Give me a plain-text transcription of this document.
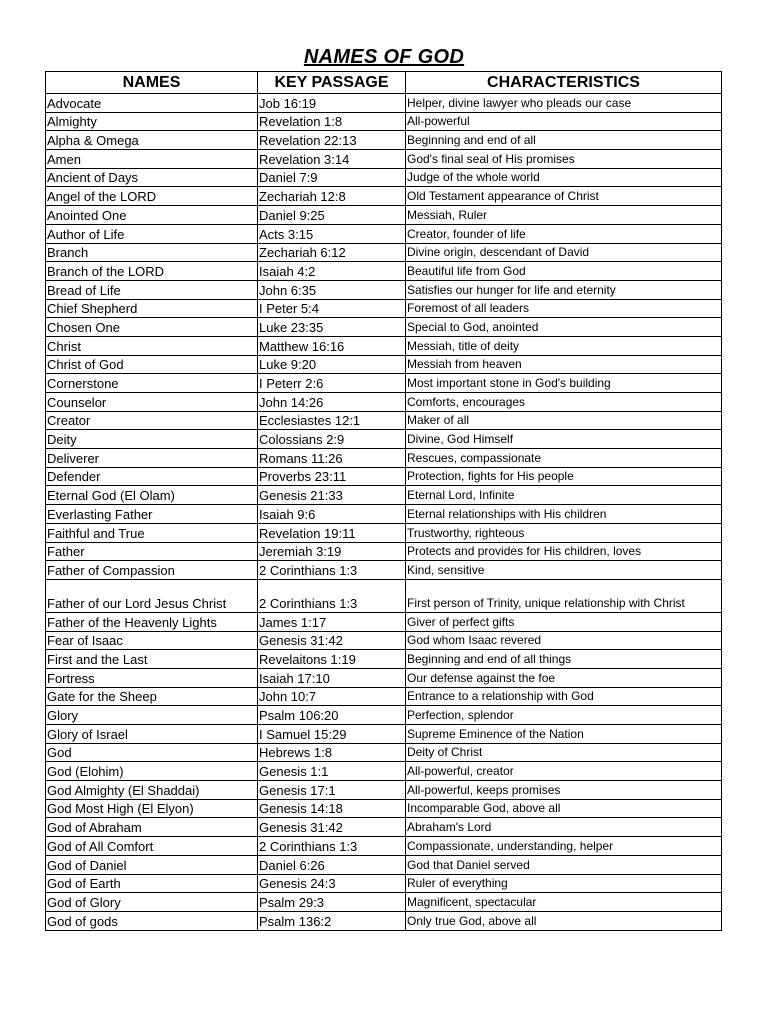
NAMES OF GOD
NAMES	KEY PASSAGE	CHARACTERISTICS
Advocate	Job 16:19	Helper, divine lawyer who pleads our case
Almighty	Revelation 1:8	All-powerful
Alpha & Omega	Revelation 22:13	Beginning and end of all
Amen	Revelation 3:14	God's final seal of His promises
Ancient of Days	Daniel 7:9	Judge of the whole world
Angel of the LORD	Zechariah 12:8	Old Testament appearance of Christ
Anointed One	Daniel 9:25	Messiah, Ruler
Author of Life	Acts 3:15	Creator, founder of life
Branch	Zechariah 6:12	Divine origin, descendant of David
Branch of the LORD	Isaiah 4:2	Beautiful life from God
Bread of Life	John 6:35	Satisfies our hunger for life and eternity
Chief Shepherd	I Peter 5:4	Foremost of all leaders
Chosen One	Luke 23:35	Special to God, anointed
Christ	Matthew 16:16	Messiah, title of deity
Christ of God	Luke 9:20	Messiah from heaven
Cornerstone	I Peterr 2:6	Most important stone in God's building
Counselor	John 14:26	Comforts, encourages
Creator	Ecclesiastes 12:1	Maker of all
Deity	Colossians 2:9	Divine, God Himself
Deliverer	Romans 11:26	Rescues, compassionate
Defender	Proverbs 23:11	Protection, fights for His people
Eternal God (El Olam)	Genesis 21:33	Eternal Lord, Infinite
Everlasting Father	Isaiah 9:6	Eternal relationships with His children
Faithful and True	Revelation 19:11	Trustworthy, righteous
Father	Jeremiah 3:19	Protects and provides for His children, loves
Father of Compassion	2 Corinthians 1:3	Kind, sensitive
Father of our Lord Jesus Christ	2 Corinthians 1:3	First person of Trinity, unique relationship with Christ
Father of the Heavenly Lights	James 1:17	Giver of perfect gifts
Fear of Isaac	Genesis 31:42	God whom Isaac revered
First and the Last	Revelaitons 1:19	Beginning and end of all things
Fortress	Isaiah 17:10	Our defense against the foe
Gate for the Sheep	John 10:7	Entrance to a relationship with God
Glory	Psalm 106:20	Perfection, splendor
Glory of Israel	I Samuel 15:29	Supreme Eminence of the Nation
God	Hebrews 1:8	Deity of Christ
God (Elohim)	Genesis 1:1	All-powerful, creator
God Almighty (El Shaddai)	Genesis 17:1	All-powerful, keeps promises
God Most High (El Elyon)	Genesis 14:18	Incomparable God, above all
God of Abraham	Genesis 31:42	Abraham's Lord
God of All Comfort	2 Corinthians 1:3	Compassionate, understanding, helper
God of Daniel	Daniel 6:26	God that Daniel served
God of Earth	Genesis 24:3	Ruler of everything
God of Glory	Psalm 29:3	Magnificent, spectacular
God of gods	Psalm 136:2	Only true God, above all
